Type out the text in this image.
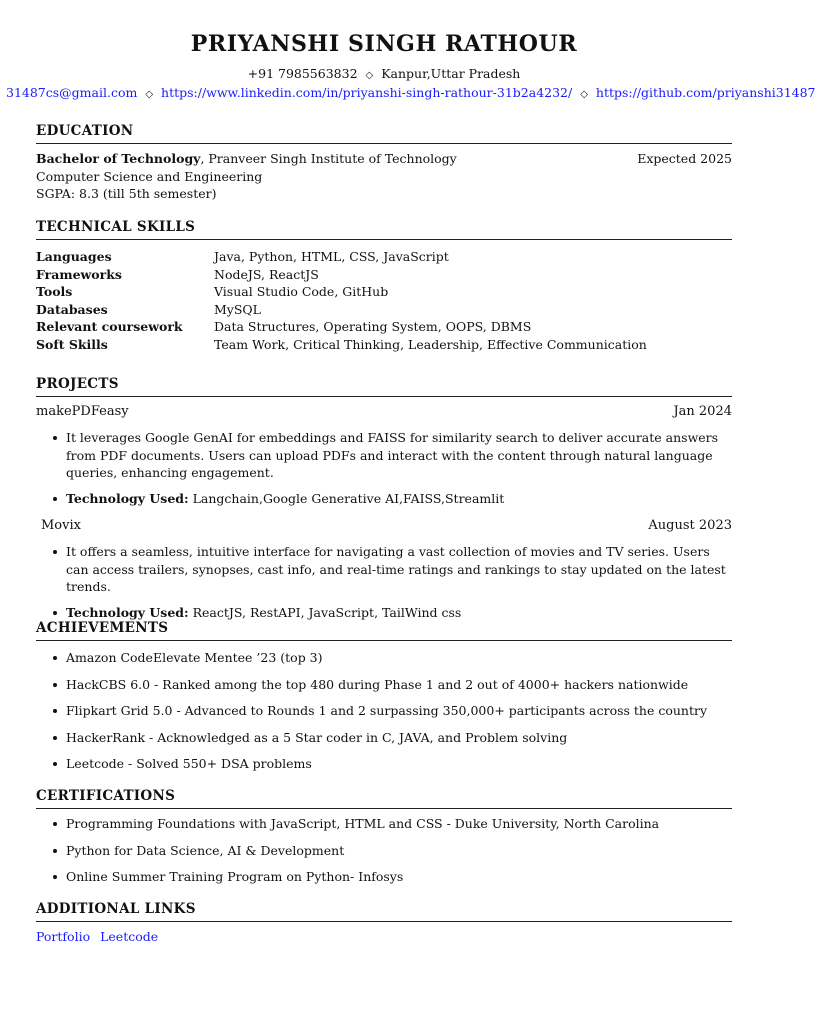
PRIYANSHI SINGH RATHOUR
+91 7985563832 ◇ Kanpur,Uttar Pradesh
31487cs@gmail.com ◇ https://www.linkedin.com/in/priyanshi-singh-rathour-31b2a4232/ ◇ https://github.com/priyanshi31487
EDUCATION
Bachelor of Technology, Pranveer Singh Institute of Technology	Expected 2025
Computer Science and Engineering
SGPA: 8.3 (till 5th semester)
TECHNICAL SKILLS
Languages	Java, Python, HTML, CSS, JavaScript
Frameworks	NodeJS, ReactJS
Tools	Visual Studio Code, GitHub
Databases	MySQL
Relevant coursework	Data Structures, Operating System, OOPS, DBMS
Soft Skills	Team Work, Critical Thinking, Leadership, Effective Communication
PROJECTS
makePDFeasy	Jan 2024
It leverages Google GenAI for embeddings and FAISS for similarity search to deliver accurate answers from PDF documents. Users can upload PDFs and interact with the content through natural language queries, enhancing engagement.
Technology Used: Langchain,Google Generative AI,FAISS,Streamlit
Movix	August 2023
It offers a seamless, intuitive interface for navigating a vast collection of movies and TV series. Users can access trailers, synopses, cast info, and real-time ratings and rankings to stay updated on the latest trends.
Technology Used: ReactJS, RestAPI, JavaScript, TailWind css
ACHIEVEMENTS
Amazon CodeElevate Mentee ’23 (top 3)
HackCBS 6.0 - Ranked among the top 480 during Phase 1 and 2 out of 4000+ hackers nationwide
Flipkart Grid 5.0 - Advanced to Rounds 1 and 2 surpassing 350,000+ participants across the country
HackerRank - Acknowledged as a 5 Star coder in C, JAVA, and Problem solving
Leetcode - Solved 550+ DSA problems
CERTIFICATIONS
Programming Foundations with JavaScript, HTML and CSS - Duke University, North Carolina
Python for Data Science, AI & Development
Online Summer Training Program on Python- Infosys
ADDITIONAL LINKS
Portfolio Leetcode
